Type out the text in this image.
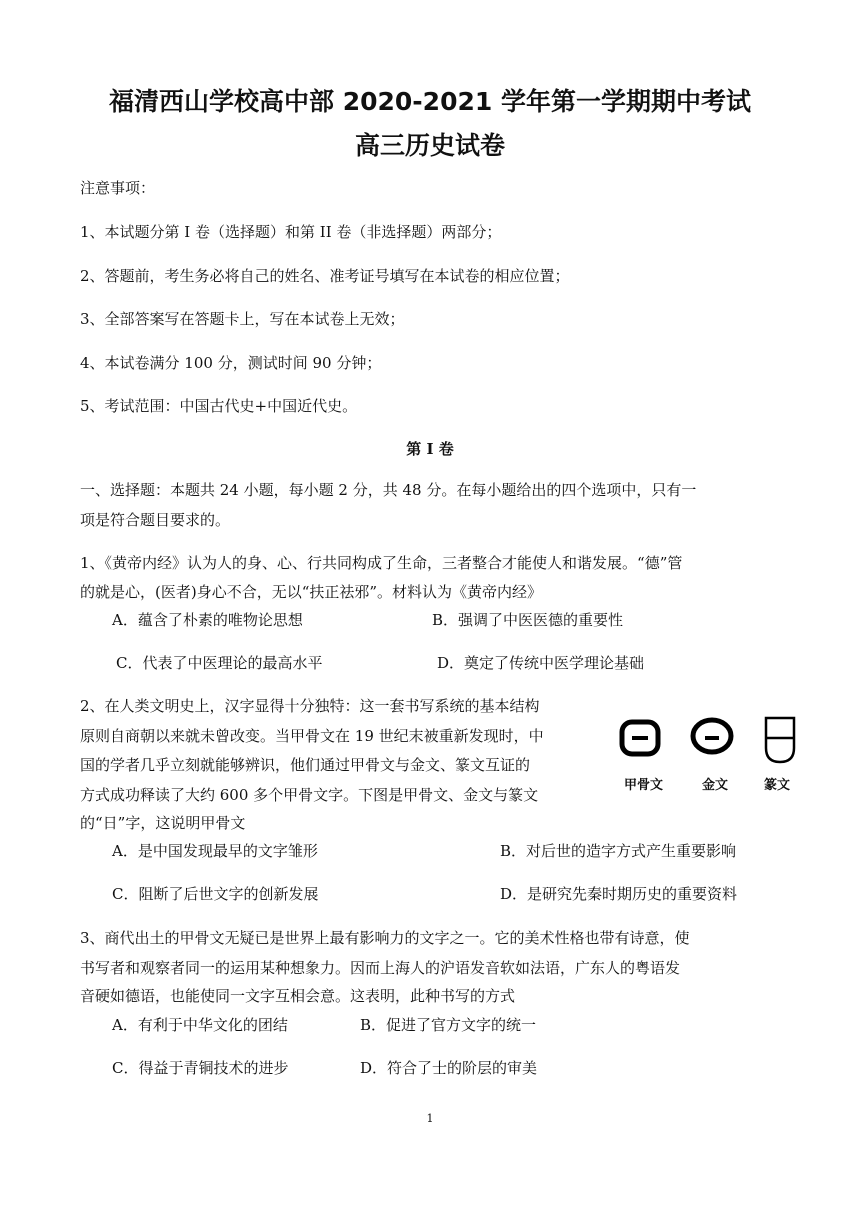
福清西山学校高中部 2020-2021 学年第一学期期中考试
高三历史试卷
注意事项：
1、本试题分第 I 卷（选择题）和第 II 卷（非选择题）两部分；
2、答题前，考生务必将自己的姓名、准考证号填写在本试卷的相应位置；
3、全部答案写在答题卡上，写在本试卷上无效；
4、本试卷满分 100 分，测试时间 90 分钟；
5、考试范围：中国古代史+中国近代史。
第 I 卷
一、选择题：本题共 24 小题，每小题 2 分，共 48 分。在每小题给出的四个选项中，只有一
项是符合题目要求的。
1、《黄帝内经》认为人的身、心、行共同构成了生命，三者整合才能使人和谐发展。“德”管
的就是心，(医者)身心不合，无以“扶正祛邪”。材料认为《黄帝内经》
A．蕴含了朴素的唯物论思想	B．强调了中医医德的重要性
C．代表了中医理论的最高水平	D．奠定了传统中医学理论基础
2、在人类文明史上，汉字显得十分独特：这一套书写系统的基本结构
原则自商朝以来就未曾改变。当甲骨文在 19 世纪末被重新发现时，中
国的学者几乎立刻就能够辨识，他们通过甲骨文与金文、篆文互证的
方式成功释读了大约 600 多个甲骨文字。下图是甲骨文、金文与篆文
的“日”字，这说明甲骨文
甲骨文	金文	篆文
A．是中国发现最早的文字雏形	B．对后世的造字方式产生重要影响
C．阻断了后世文字的创新发展	D．是研究先秦时期历史的重要资料
3、商代出土的甲骨文无疑已是世界上最有影响力的文字之一。它的美术性格也带有诗意，使
书写者和观察者同一的运用某种想象力。因而上海人的沪语发音软如法语，广东人的粤语发
音硬如德语，也能使同一文字互相会意。这表明，此种书写的方式
A．有利于中华文化的团结	B．促进了官方文字的统一
C．得益于青铜技术的进步	D．符合了士的阶层的审美
1
